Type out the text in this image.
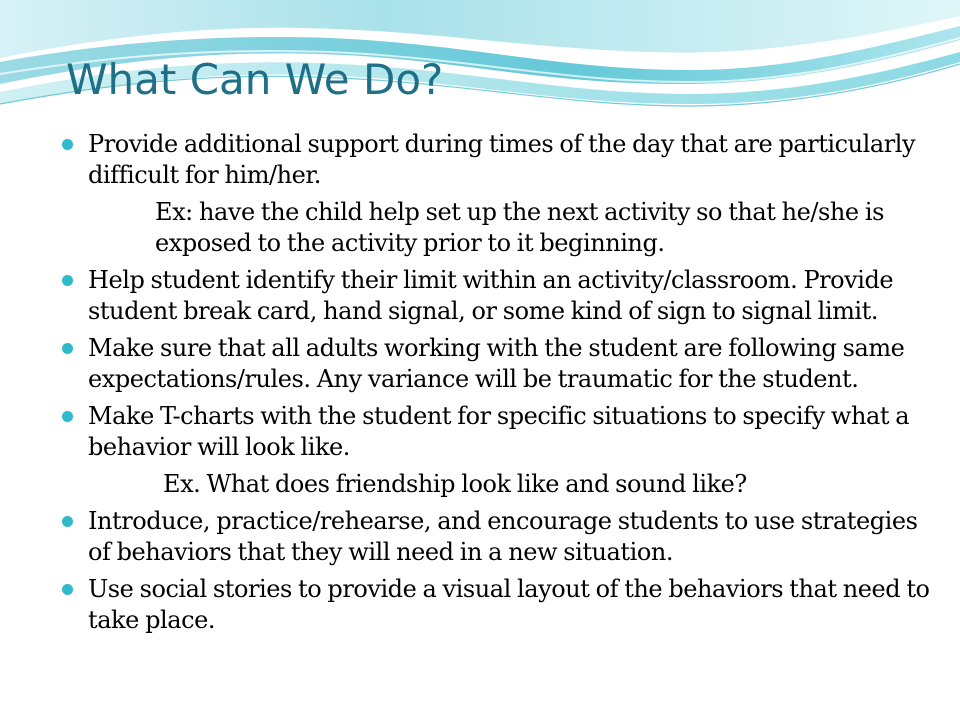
What Can We Do?
Provide additional support during times of the day that are particularly difficult for him/her.
Ex: have the child help set up the next activity so that he/she is exposed to the activity prior to it beginning.
Help student identify their limit within an activity/classroom. Provide student break card, hand signal, or some kind of sign to signal limit.
Make sure that all adults working with the student are following same expectations/rules. Any variance will be traumatic for the student.
Make T-charts with the student for specific situations to specify what a behavior will look like.
Ex. What does friendship look like and sound like?
Introduce, practice/rehearse, and encourage students to use strategies of behaviors that they will need in a new situation.
Use social stories to provide a visual layout of the behaviors that need to take place.
